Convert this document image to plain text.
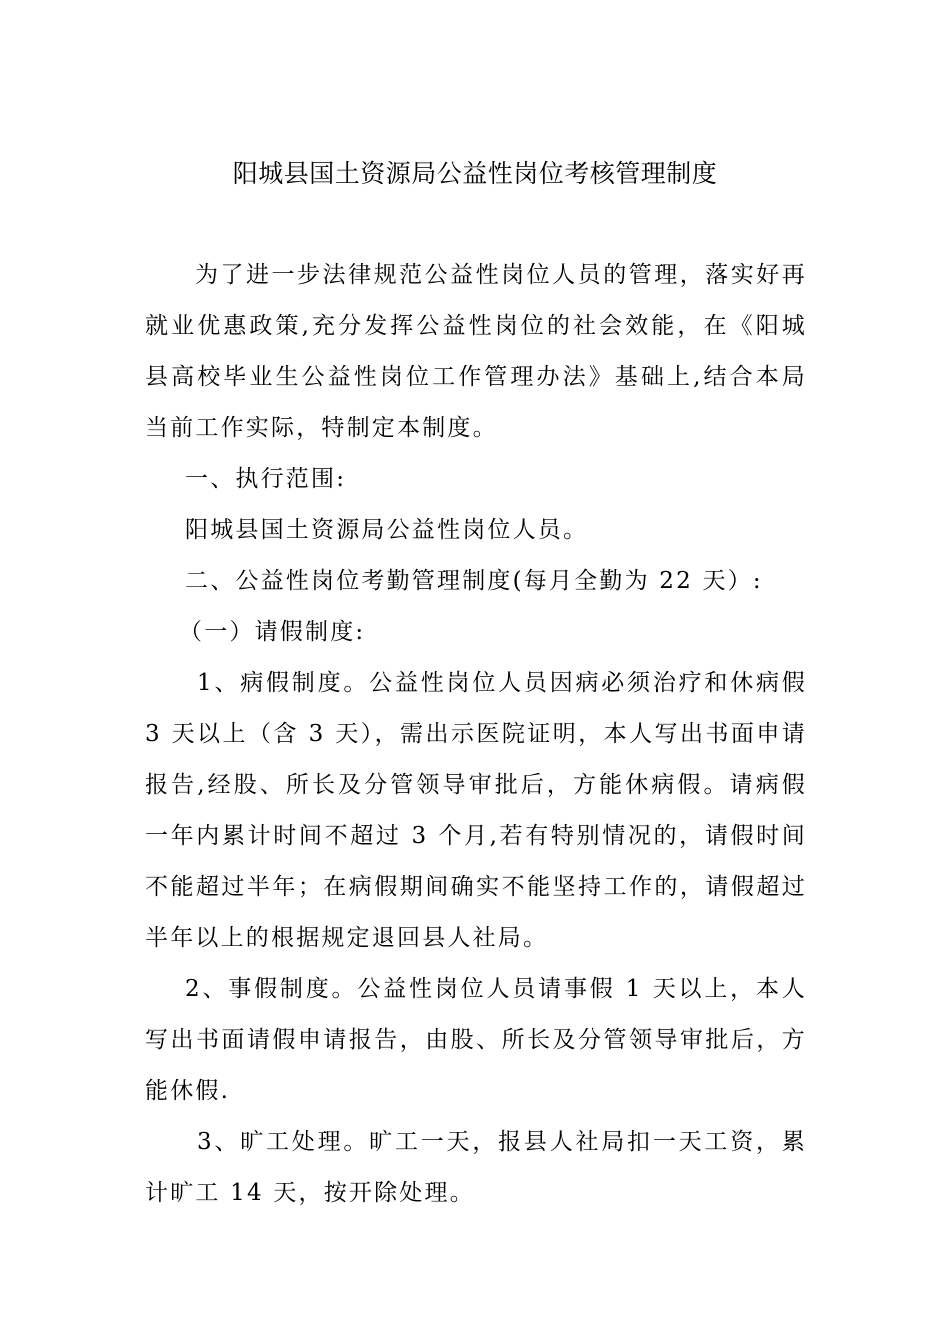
阳城县国土资源局公益性岗位考核管理制度

为了进一步法律规范公益性岗位人员的管理，落实好再就业优惠政策,充分发挥公益性岗位的社会效能，在《阳城县高校毕业生公益性岗位工作管理办法》基础上,结合本局当前工作实际，特制定本制度。

一、执行范围:

阳城县国土资源局公益性岗位人员。

二、公益性岗位考勤管理制度(每月全勤为 22 天）:

（一）请假制度:

1、病假制度。公益性岗位人员因病必须治疗和休病假 3 天以上（含 3 天），需出示医院证明，本人写出书面申请报告,经股、所长及分管领导审批后，方能休病假。请病假一年内累计时间不超过 3 个月,若有特别情况的，请假时间不能超过半年；在病假期间确实不能坚持工作的，请假超过半年以上的根据规定退回县人社局。

2、事假制度。公益性岗位人员请事假 1 天以上，本人写出书面请假申请报告，由股、所长及分管领导审批后，方能休假.

3、旷工处理。旷工一天，报县人社局扣一天工资，累计旷工 14 天，按开除处理。
